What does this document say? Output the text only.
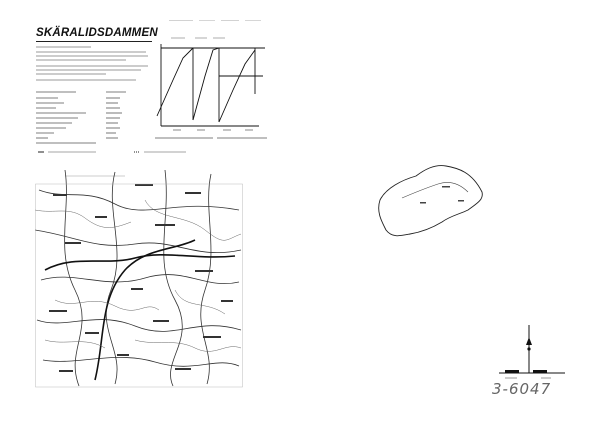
SKÄRALIDSDAMMEN
3-6047
